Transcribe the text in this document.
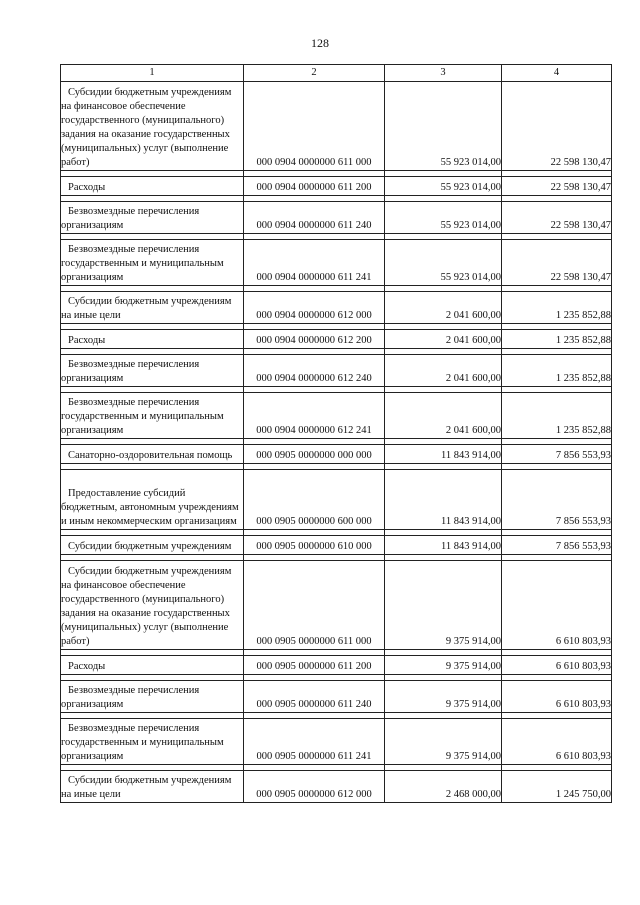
128
1	2	3	4
Субсидии бюджетным учреждениям на финансовое обеспечение государственного (муниципального) задания на оказание государственных (муниципальных) услуг (выполнение работ)	000 0904 0000000 611 000	55 923 014,00	22 598 130,47

Расходы	000 0904 0000000 611 200	55 923 014,00	22 598 130,47

Безвозмездные перечисления организациям	000 0904 0000000 611 240	55 923 014,00	22 598 130,47

Безвозмездные перечисления государственным и муниципальным организациям	000 0904 0000000 611 241	55 923 014,00	22 598 130,47

Субсидии бюджетным учреждениям на иные цели	000 0904 0000000 612 000	2 041 600,00	1 235 852,88

Расходы	000 0904 0000000 612 200	2 041 600,00	1 235 852,88

Безвозмездные перечисления организациям	000 0904 0000000 612 240	2 041 600,00	1 235 852,88

Безвозмездные перечисления государственным и муниципальным организациям	000 0904 0000000 612 241	2 041 600,00	1 235 852,88

Санаторно-оздоровительная помощь	000 0905 0000000 000 000	11 843 914,00	7 856 553,93

Предоставление субсидий бюджетным, автономным учреждениям и иным некоммерческим организациям	000 0905 0000000 600 000	11 843 914,00	7 856 553,93

Субсидии бюджетным учреждениям	000 0905 0000000 610 000	11 843 914,00	7 856 553,93

Субсидии бюджетным учреждениям на финансовое обеспечение государственного (муниципального) задания на оказание государственных (муниципальных) услуг (выполнение работ)	000 0905 0000000 611 000	9 375 914,00	6 610 803,93

Расходы	000 0905 0000000 611 200	9 375 914,00	6 610 803,93

Безвозмездные перечисления организациям	000 0905 0000000 611 240	9 375 914,00	6 610 803,93

Безвозмездные перечисления государственным и муниципальным организациям	000 0905 0000000 611 241	9 375 914,00	6 610 803,93

Субсидии бюджетным учреждениям на иные цели	000 0905 0000000 612 000	2 468 000,00	1 245 750,00
